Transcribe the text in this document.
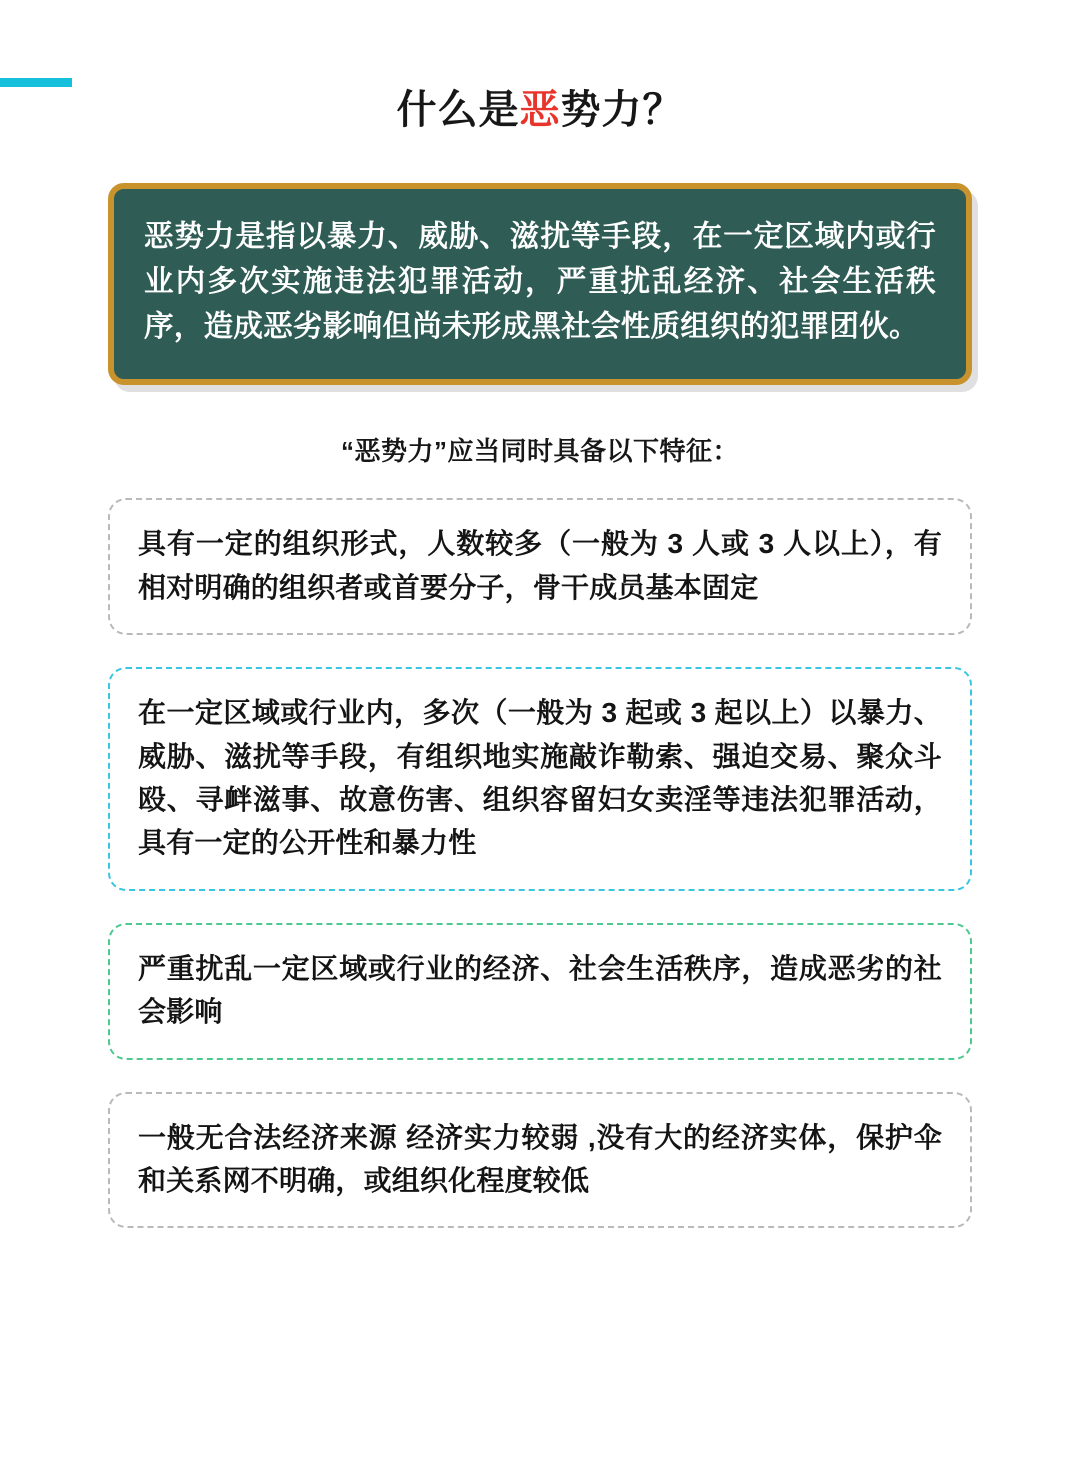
什么是恶势力？
恶势力是指以暴力、威胁、滋扰等手段，在一定区域内或行业内多次实施违法犯罪活动，严重扰乱经济、社会生活秩序，造成恶劣影响但尚未形成黑社会性质组织的犯罪团伙。
“恶势力”应当同时具备以下特征：
具有一定的组织形式，人数较多（一般为 3 人或 3 人以上），有相对明确的组织者或首要分子，骨干成员基本固定
在一定区域或行业内，多次（一般为 3 起或 3 起以上）以暴力、威胁、滋扰等手段，有组织地实施敲诈勒索、强迫交易、聚众斗殴、寻衅滋事、故意伤害、组织容留妇女卖淫等违法犯罪活动，具有一定的公开性和暴力性
严重扰乱一定区域或行业的经济、社会生活秩序，造成恶劣的社会影响
一般无合法经济来源 经济实力较弱 ,没有大的经济实体，保护伞和关系网不明确，或组织化程度较低
